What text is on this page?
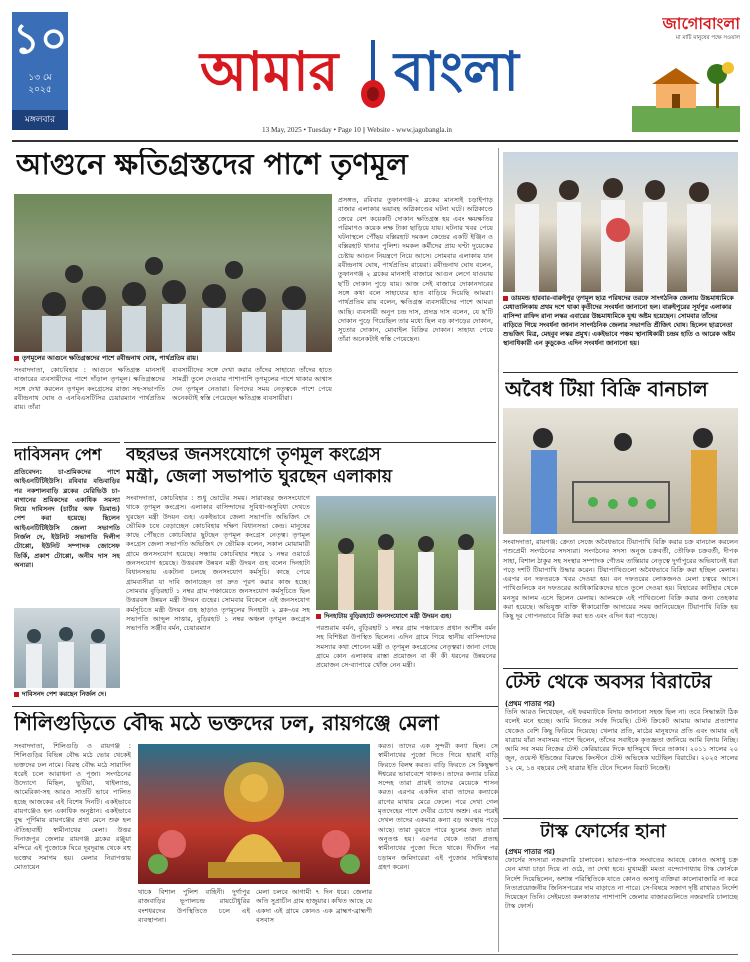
১০
১৩ মে ২০২৫
মঙ্গলবার
আমার বাংলা
13 May, 2025 • Tuesday • Page 10 || Website - www.jagobangla.in
জাগোবাংলা
মা মাটি মানুষের পক্ষে সওয়াল
আগুনে ক্ষতিগ্রস্তদের পাশে তৃণমূল
তৃণমূলের আগুনে ক্ষতিগ্রস্তদের পাশে রবীন্দ্রনাথ ঘোষ, পার্থপ্রতিম রায়।
সংবাদদাতা, কোচবিহার : আগুনে ক্ষতিগ্রস্ত মানসাই বাজারের ব্যবসায়ীদের পাশে দাঁড়াল তৃণমূল। ক্ষতিগ্রস্তদের সঙ্গে দেখা করলেন তৃণমূল কংগ্রেসের রাজ্য সহ-সভাপতি রবীন্দ্রনাথ ঘোষ ও এনবিএসটিসির চেয়ারম্যান পার্থপ্রতিম রায়। তাঁরা
ব্যবসায়ীদের সঙ্গে দেখা করার তাঁদের সাহায্যে তাঁদের হাতে সামগ্রী তুলে দেওয়ার পাশাপাশি তৃণমূলের পাশে থাকার আশ্বাস দেন তৃণমূল নেতারা। বিপদের সময় নেতৃত্বকে পাশে পেয়ে অনেকটাই স্বস্তি পেয়েছেন ক্ষতিগ্রস্ত ব্যবসায়ীরা।
প্রসঙ্গত, রবিবার তুফানগঞ্জ-২ ব্লকের মানসাই চড়াইপাড় বাজার এলাকার ভয়াবহ অগ্নিকাণ্ডের ঘটনা ঘটে। অগ্নিকাণ্ডে জেরে বেশ কয়েকটি দোকান ক্ষতিগ্রস্ত হয় এবং ক্ষয়ক্ষতির পরিমাণও কয়েক লক্ষ টাকা ছাড়িয়ে যায়। ঘটনার খবর পেয়ে ঘটনাস্থলে পৌঁছয় বক্সিরহাট দমকল কেন্দ্রের একটি ইঞ্জিন ও বক্সিরহাট থানার পুলিশ। দমকল কর্মীদের প্রায় ঘণ্টা দুয়েকের চেষ্টায় আগুন নিয়ন্ত্রণে নিয়ে আসে। সোমবার এলাকায় যান রবীন্দ্রনাথ ঘোষ, পার্থপ্রতিম রায়েরা। রবীন্দ্রনাথ ঘোষ বলেন, তুফানগঞ্জ ২ ব্লকের মানসাই বাজারে আগুন লেগে যাওয়ায় ছ'টি দোকান পুড়ে যায়। আজ সেই বাজারে দোকানদারের সঙ্গে কথা বলে সাহায্যের হাত বাড়িয়ে দিয়েছি আমরা। পার্থপ্রতিম রায় বলেন, ক্ষতিগ্রস্ত ব্যবসায়ীদের পাশে আমরা আছি। ব্যবসায়ী অনুপ চন্দ্র দাস, প্রদ্যম্ন দাস বলেন, যে ছ'টি দোকান পুড়ে গিয়েছিল তার মধ্যে ছিল বড় কাপড়ের দোকান, সুতোর দোকান, মোবাইল বিক্রির দোকান। সাহায্য পেয়ে তাঁরা অনেকটাই স্বস্তি পেয়েছেন।
ডায়মন্ড হারবার-বারুইপুর তৃণমূল ছাত্র পরিষদের তরফে সাংগঠনিক জেলায় উচ্চমাধ্যমিকে মেধাতালিকায় প্রথম দশে থাকা কৃতীদের সংবর্ধনা জানানো হল। বারুইপুরের সূর্যপুর এলাকার বাসিন্দা রাফিদ রানা লস্কর এবারের উচ্চমাধ্যমিকে যুগ্ম অষ্টম হয়েছেন। সোমবার তাঁদের বাড়িতে গিয়ে সংবর্ধনা জানান সাংগঠনিক জেলার সভাপতি শ্রীজিৎ ঘোষ। ছিলেন ছাত্রনেতা শুভজিৎ মিত্র, মেহবুব লস্কর প্রমুখ। একইভাবে পঞ্চম স্থানাধিকারী চন্দ্রম হাতি ও আরেক অষ্টম স্থানাধিকারী এন কুড়ুকেও এদিন সংবর্ধনা জানানো হয়।
অবৈধ টিয়া বিক্রি বানচাল
সংবাদদাতা, রায়গঞ্জ: ক্রেতা সেজে অবৈধভাবে টিয়াপাখি বিক্রি করার চক্র বানচাল করলেন পশুপ্রেমী সংগঠনের সদস্যরা। সংগঠনের সদস্য অনুজ চক্রবর্তী, তৌফিক চক্রবর্তী, দীপক সাহা, বিশাল ঠাকুর সহ সংস্থার সম্পাদক গৌতম তান্তিয়ার নেতৃত্বে দুর্গাপুরের অভিযানেই ধরা পড়ে দশটি টিয়াপাখি উদ্ধার করেন। টিয়াপাখিগুলো অবৈধভাবে বিক্রি করা হচ্ছিল মেলায়। এরপর বন দফতরকে খবর দেওয়া হয়। বন দফতরের লোকজনও মেলা চত্বরে আসে। পাখিগুলিকে বন দফতরের আধিকারিকদের হাতে তুলে দেওয়া হয়। বিহারের কাটিহার থেকে মনসুর আলম এসে ছিলেন মেলায়। আলমকে এই পাখিগুলো বিক্রি করার জন্য তেহকার করা হয়েছে। অভিযুক্ত ব্যক্তি স্বীকারোক্তি আদায়ের সময় জানিয়েছেন টিয়াপাখি বিক্রি হয় কিছু দূর গোপনভাবে বিক্রি করা হত এবং এদিন ধরা পড়েছে।
দাবিসনদ পেশ
প্রতিবেদন: চা-শ্রমিকদের পাশে আইএনটিটিইউসি। রবিবার বন্ডিবাড়ির পর নকশালবাড়ি ব্লকের মেরিভিউ চা-বাগানের শ্রমিকদের একাধিক সমস্যা নিয়ে দাবিসনদ (চার্টার অফ ডিমান্ড) পেশ করা হয়েছে। ছিলেন আইএনটিটিইউসি জেলা সভাপতি নির্জল দে, ইউনিট সভাপতি দিলীপ টোপ্পো, ইউনিট সম্পাদক জোসেফ তির্কি, প্রকাশ টোপ্পো, অনীম দাস সহ অন্যরা।
দাবিসনদ পেশ করছেন নির্জল দে।
বছরভর জনসংযোগে তৃণমূল কংগ্রেস
মন্ত্রী, জেলা সভাপতি ঘুরছেন এলাকায়
সংবাদদাতা, কোচবিহার : শুধু ভোটের সময়। সারাবছর জনসংযোগে থাকে তৃণমূল কংগ্রেস। এলাকার বাসিন্দাদের সুবিধা-অসুবিধা দেখতে ঘুরছেন মন্ত্রী উদয়ন গুহ। একইভাবে জেলা সভাপতি অভিজিৎ দে ভৌমিক চষে বেড়াচ্ছেন কোচবিহার দক্ষিণ বিধানসভা কেন্দ্র। মানুষের কাছে পৌঁছতে কোচবিহার ছুটছেন তৃণমূল কংগ্রেস নেতৃত্ব। তৃণমূল কংগ্রেস জেলা সভাপতি অভিজিৎ দে ভৌমিক বলেন, সকাল মোয়ামারী গ্রামে জনসংযোগ হয়েছে। সন্ধ্যায় কোচবিহার শহরে ১ নম্বর ওয়ার্ডে জনসংযোগ হয়েছে। উত্তরবঙ্গ উন্নয়ন মন্ত্রী উদয়ন গুহ বলেন দিনহাটা বিধানসভায় একটানা চলছে জনসংযোগ কর্মসূচি। কাছে পেয়ে গ্রামবাসীরা যা দাবি জানাচ্ছেন তা দ্রুত পূরণ করার কাজ হচ্ছে। সোমবার বুড়িরহাট ১ নম্বর গ্রাম পঞ্চায়েতে জনসংযোগ কর্মসূচিতে ছিল উত্তরবঙ্গ উন্নয়ন মন্ত্রী উদয়ন গুহের। সোমবার বিকেলে এই জনসংযোগ কর্মসূচিতে মন্ত্রী উদয়ন গুহ ছাড়াও তৃণমূলের দিনহাটা ২ ব্লক-এর সহ সভাপতি আব্দুল সাত্তার, বুড়িরহাট ১ নম্বর অঞ্চল তৃণমূল কংগ্রেস সভাপতি সঞ্জীব বর্মন, চেয়ারম্যান
দিনহাটায় বুড়িরহাটে জনসংযোগে মন্ত্রী উদয়ন গুহ।
পরশুরাম বর্মন, বুড়িরহাট ১ নম্বর গ্রাম পঞ্চায়েত প্রধান আশীষ বর্মন সহ বিশিষ্টরা উপস্থিত ছিলেন। এদিন গ্রামে গিয়ে স্থানীয় বাসিন্দাদের সমস্যার কথা শোনেন মন্ত্রী ও তৃণমূল কংগ্রেসের নেতৃত্বরা। জানা গেছে গ্রামে কোন এলাকায় রাস্তা প্রয়োজন বা কী কী ধরনের উন্নয়নের প্রয়োজন সে-ব্যাপারে খোঁজ নেন মন্ত্রী।
টেস্ট থেকে অবসর বিরাটের
(প্রথম পাতার পর)
তিনি আরও লিখেছেন, এই ফরম্যাটকে বিদায় জানানো সহজ ছিল না। তবে সিদ্ধান্তটা ঠিক বলেই মনে হচ্ছে। আমি নিজের সর্বস্ব দিয়েছি। টেস্ট ক্রিকেট আমায় আমার প্রত্যাশার থেকেও বেশি কিছু ফিরিয়ে দিয়েছে। খেলার প্রতি, মাঠের মানুষদের প্রতি এবং আমার এই যাত্রায় যাঁরা সবাসময় পাশে ছিলেন, তাঁদের সবাইকে কৃতজ্ঞতা জানিয়ে আমি বিদায় নিচ্ছি। আমি সব সময় নিজের টেস্ট কেরিয়ারের দিকে হাসিমুখে ফিরে তাকাব। ২০১১ সালের ২০ জুন, ওয়েস্ট ইন্ডিজের বিরুদ্ধে কিংস্টনে টেস্ট অভিষেক ঘটেছিল বিরাটের। ২০২৫ সালের ১২ মে, ১৪ বছরের সেই যাত্রার ইতি টেনে দিলেন বিরাট নিজেই।
টাস্ক ফোর্সের হানা
(প্রথম পাতার পর)
ফোর্সের সদস্যরা নজরদারি চালাবেন। ভারত-পাক সংঘাতের আবহে কোনও অসাধু চক্র যেন মাথা চাড়া দিয়ে না ওঠে, তা দেখা হবে। মুখ্যমন্ত্রী মমতা বন্দ্যোপাধ্যায় টাস্ক ফোর্সকে নির্দেশ দিয়েছিলেন, অশান্ত পরিস্থিতিকে যাতে কোনও অসাধু ব্যক্তিরা কালোবাজারি না করে নিত্যপ্রয়োজনীয় জিনিসপত্রের দাম বাড়াতে না পারে। সে-বিষয়ে সজাগ দৃষ্টি রাখারও নির্দেশ দিয়েছেন তিনি। সেইমতো কলকাতার পাশাপাশি জেলার বাজারগুলিতে নজরদারি চালাচ্ছে টাস্ক ফোর্স।
শিলিগুড়িতে বৌদ্ধ মঠে ভক্তদের ঢল, রায়গঞ্জে মেলা
সংবাদদাতা, শিলিগুড়ি ও রায়গঞ্জ : শিলিগুড়ির বিভিন্ন বৌদ্ধ মঠে ভোর থেকেই ভক্তদের ঢল নামে। বিরস্থ বৌদ্ধ মঠে সারাদিন ধরেই চলে আরাধনা ও পূজা। সংগঠনের উদ্যোগে মিছিল, ভুটিয়া, থাইল্যান্ড, আমেরিকা-সহ আরও সাতটি ভাবে পালিত হচ্ছে আজকের এই বিশেষ দিনটি। একইভাবে রায়গঞ্জেও হল একাধিক অনুষ্ঠান। একইভাবে বুদ্ধ পূর্ণিমায় রায়গঞ্জের প্রথা মেনে শুরু হল ঐতিহ্যবাহী স্বামীনাথের মেলা। উত্তর দিনাজপুর জেলার রায়গঞ্জ ব্লকের রঞ্জুয়া মন্দিরে এই পুজোকে ঘিরে দূরদূরান্ত থেকে বহু ভক্তের সমাগম হয়। মেলার নিরাপত্তায় মোতায়েন
থাকে বিশাল পুলিশ বাহিনী। দুর্গাপুর রাজবাড়ির ভূপালচন্দ্র রায়চৌধুরির বংশধরদের উপস্থিতিতে চলে এই ব্যবস্থাপনা।
মেলা চলবে আগামী ৭ দিন ধরে। জেলার অতি সুপ্রাচীন গ্রাম হাজুয়ার। কথিত আছে যে একদা এই গ্রামে কোনও এক ব্রাহ্মণ-ব্রাহ্মণী বসবাস
করত। তাদের এক সুন্দরী কন্যা ছিল। সে স্বামীনাথের পুজো দিতে গিয়ে হারাই বাড়ি ফিরতে বিলম্ব করত। বাড়ি ফিরতে সে কিছুক্ষণ ঈশ্বরের ভাবাবেশে থাকত। তাদের কন্যার চরিত্র সন্দেহ তারা প্রায়ই তাদের মেয়েকে শাসন করত। এরপর একদিন বাবা তাদের কন্যাকে রাগের মাথায় মেরে ফেলে। পরে দেখা গেল মৃতদেহের পাশে দেবীর চোখে অশ্রু। এর পরেই দেখল তাদের একমাত্র কন্যা বড় অবস্থায় পড়ে আছে। তারা বুঝতে পারে ভুলের জন্য তারা অনুতপ্ত হয়। এরপর থেকে তারা প্রত্যহ স্বামীনাথের পুজো দিতে থাকে। দীর্ঘদিন পর চড়ামন জমিদারেরা এই পুজোর দায়িত্বভার গ্রহণ করেন।
